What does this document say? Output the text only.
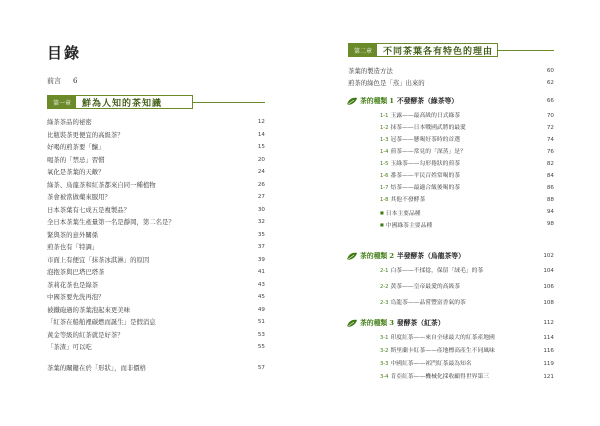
目錄
前言 6
第一章	鮮為人知的茶知識
綠茶茶品的祕密	12
比瓶裝茶更便宜的高級茶？	14
好喝的煎茶要「釀」	15
喝茶的「禁忌」習慣	20
氧化是茶葉的天敵？	24
綠茶、烏龍茶和紅茶都來自同一種植物	26
茶會被當做藥來服用？	27
日本茶葉有七成五是複製品？	30
全日本茶葉生產量第一名是靜岡，第二名是？	32
緊與茶的意外關係	35
煎茶也有「特調」	37
市面上有便宜「抹茶冰淇淋」的原因	39
泡抱茶與巴塔巴塔茶	41
茶莉花茶也是綠茶	43
中國茶要先洗再泡？	45
被鐵砲過的茶葉泡起來更美味	49
「紅茶在船舶裡碳燃而誕生」是假消息	51
黃金等級的紅茶就是好茶？	53
「茶渣」可以吃	55
茶葉的關鍵在於「形狀」，而非價格	57
第二章	不同茶葉各有特色的理由
茶葉的製造方法	60
煎茶的綠色是「蒸」出來的	62
茶的種類 1 不發酵茶（綠茶等）	66
1-1 玉露——最高級的日式綠茶	70
1-2 抹茶——日本戰國武將的最愛	72
1-3 冠茶——懸喝好茶時的首選	74
1-4 煎茶——常見的「深蒸」是？	76
1-5 玉綠茶——勾形捲狀的煎茶	82
1-6 番茶——平民百姓常喝的茶	84
1-7 焙茶——最適合飯後喝的茶	86
1-8 其他不發酵茶	88
■ 日本主要品種	94
■ 中國綠茶主要品種	98
茶的種類 2 半發酵茶（烏龍茶等）	102
2-1 白茶——不揉捻，保留「絨毛」的茶	104
2-2 黃茶——皇帝最愛的高級茶	106
2-3 烏龍茶——品嘗豐富香氣的茶	108
茶的種類 3 發酵茶（紅茶）	112
3-1 印度紅茶——來自全球最大的紅茶產地國	114
3-2 斯里蘭卡紅茶——產地標高產生不同風味	116
3-3 中國紅茶——祁門紅茶最為知名	119
3-4 肯亞紅茶——機械化採收顧得世界第三	121
